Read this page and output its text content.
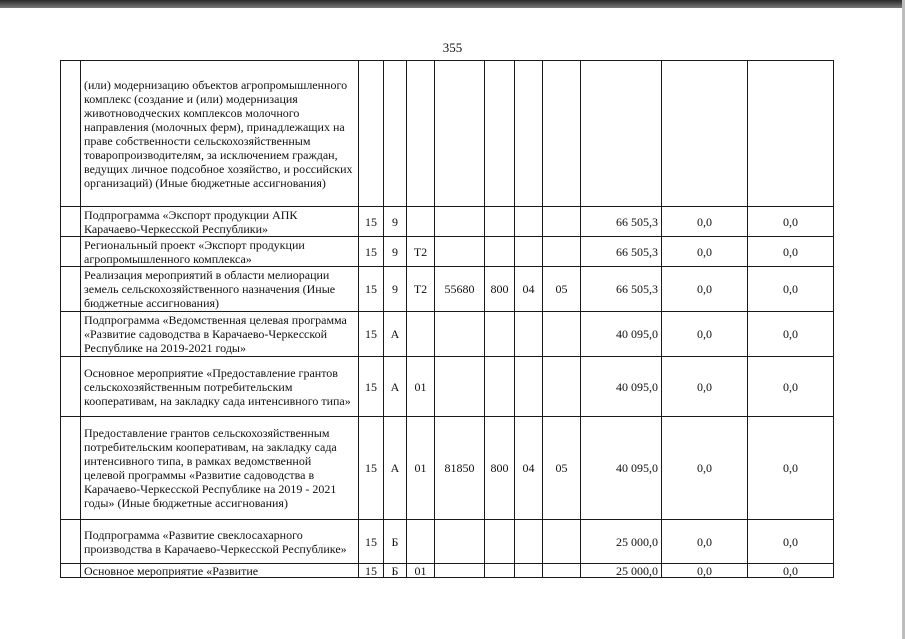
355
	(или) модернизацию объектов агропромышленного комплекс (создание и (или) модернизация животноводческих комплексов молочного направления (молочных ферм), принадлежащих на праве собственности сельскохозяйственным товаропроизводителям, за исключением граждан, ведущих личное подсобное хозяйство, и российских организаций) (Иные бюджетные ассигнования)										
	Подпрограмма «Экспорт продукции АПК Карачаево-Черкесской Республики»	15	9						66 505,3	0,0	0,0
	Региональный проект «Экспорт продукции агропромышленного комплекса»	15	9	Т2					66 505,3	0,0	0,0
	Реализация мероприятий в области мелиорации земель сельскохозяйственного назначения (Иные бюджетные ассигнования)	15	9	Т2	55680	800	04	05	66 505,3	0,0	0,0
	Подпрограмма «Ведомственная целевая программа «Развитие садоводства в Карачаево-Черкесской Республике на 2019-2021 годы»	15	А						40 095,0	0,0	0,0
	Основное мероприятие «Предоставление грантов сельскохозяйственным потребительским кооперативам, на закладку сада интенсивного типа»	15	А	01					40 095,0	0,0	0,0
	Предоставление грантов сельскохозяйственным потребительским кооперативам, на закладку сада интенсивного типа, в рамках ведомственной целевой программы «Развитие садоводства в Карачаево-Черкесской Республике на 2019 - 2021 годы» (Иные бюджетные ассигнования)	15	А	01	81850	800	04	05	40 095,0	0,0	0,0
	Подпрограмма «Развитие свеклосахарного производства в Карачаево-Черкесской Республике»	15	Б						25 000,0	0,0	0,0
	Основное мероприятие «Развитие	15	Б	01					25 000,0	0,0	0,0
